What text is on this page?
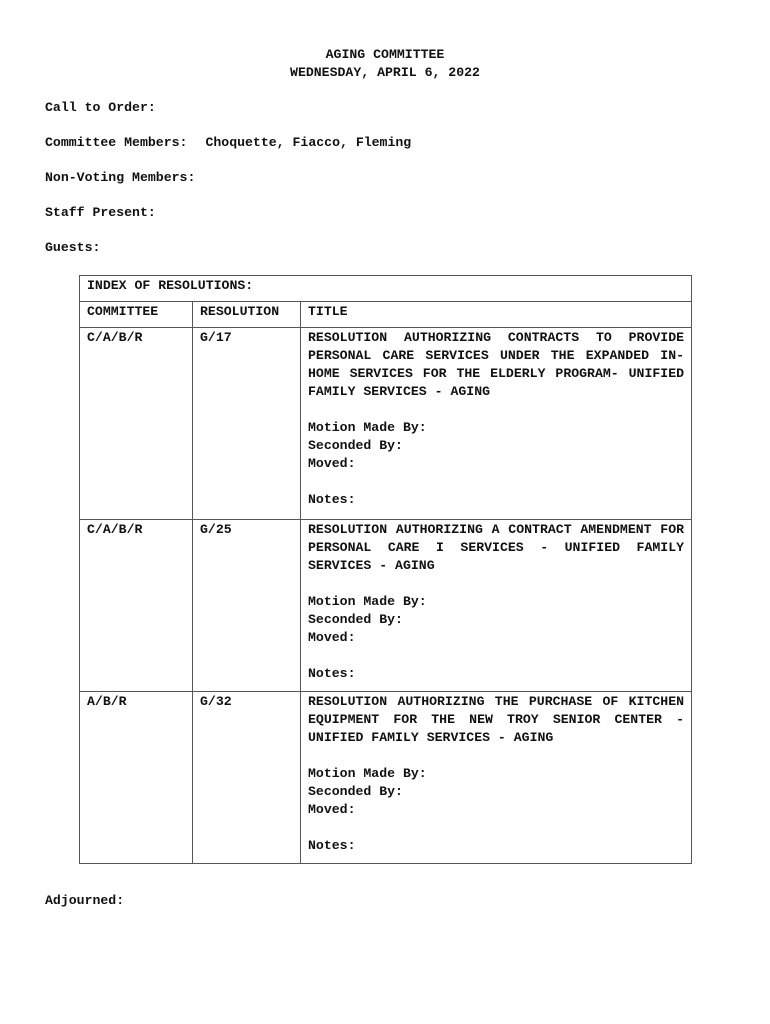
AGING COMMITTEE
WEDNESDAY, APRIL 6, 2022
Call to Order:
Committee Members: Choquette, Fiacco, Fleming
Non-Voting Members:
Staff Present:
Guests:
INDEX OF RESOLUTIONS:		
COMMITTEE	RESOLUTION	TITLE
C/A/B/R	G/17	RESOLUTION AUTHORIZING CONTRACTS TO PROVIDE PERSONAL CARE SERVICES UNDER THE EXPANDED IN-HOME SERVICES FOR THE ELDERLY PROGRAM- UNIFIED FAMILY SERVICES - AGING
Motion Made By:
Seconded By:
Moved:
Notes:

C/A/B/R	G/25	RESOLUTION AUTHORIZING A CONTRACT AMENDMENT FOR PERSONAL CARE I SERVICES - UNIFIED FAMILY SERVICES - AGING
Motion Made By:
Seconded By:
Moved:
Notes:

A/B/R	G/32	RESOLUTION AUTHORIZING THE PURCHASE OF KITCHEN EQUIPMENT FOR THE NEW TROY SENIOR CENTER - UNIFIED FAMILY SERVICES - AGING
Motion Made By:
Seconded By:
Moved:
Notes:
Adjourned:
